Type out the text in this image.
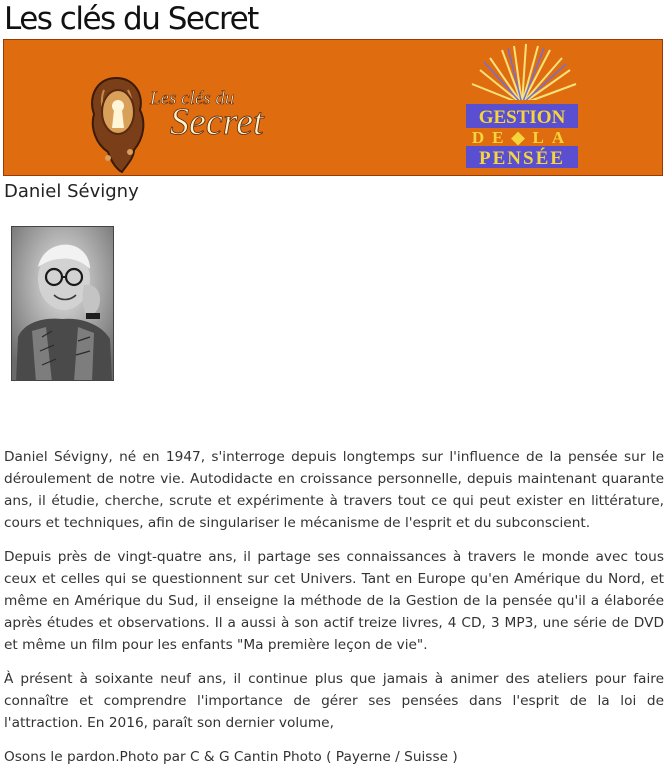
Les clés du Secret
Les clés du
Secret	GESTION
DE◆LA
PENSÉE
Daniel Sévigny

Daniel Sévigny, né en 1947, s'interroge depuis longtemps sur l'influence de la pensée sur le déroulement de notre vie. Autodidacte en croissance personnelle, depuis maintenant quarante ans, il étudie, cherche, scrute et expérimente à travers tout ce qui peut exister en littérature, cours et techniques, afin de singulariser le mécanisme de l'esprit et du subconscient.

Depuis près de vingt-quatre ans, il partage ses connaissances à travers le monde avec tous ceux et celles qui se questionnent sur cet Univers. Tant en Europe qu'en Amérique du Nord, et même en Amérique du Sud, il enseigne la méthode de la Gestion de la pensée qu'il a élaborée après études et observations. Il a aussi à son actif treize livres, 4 CD, 3 MP3, une série de DVD et même un film pour les enfants "Ma première leçon de vie".

À présent à soixante neuf ans, il continue plus que jamais à animer des ateliers pour faire connaître et comprendre l'importance de gérer ses pensées dans l'esprit de la loi de l'attraction. En 2016, paraît son dernier volume,

Osons le pardon.Photo par C & G Cantin Photo ( Payerne / Suisse )
